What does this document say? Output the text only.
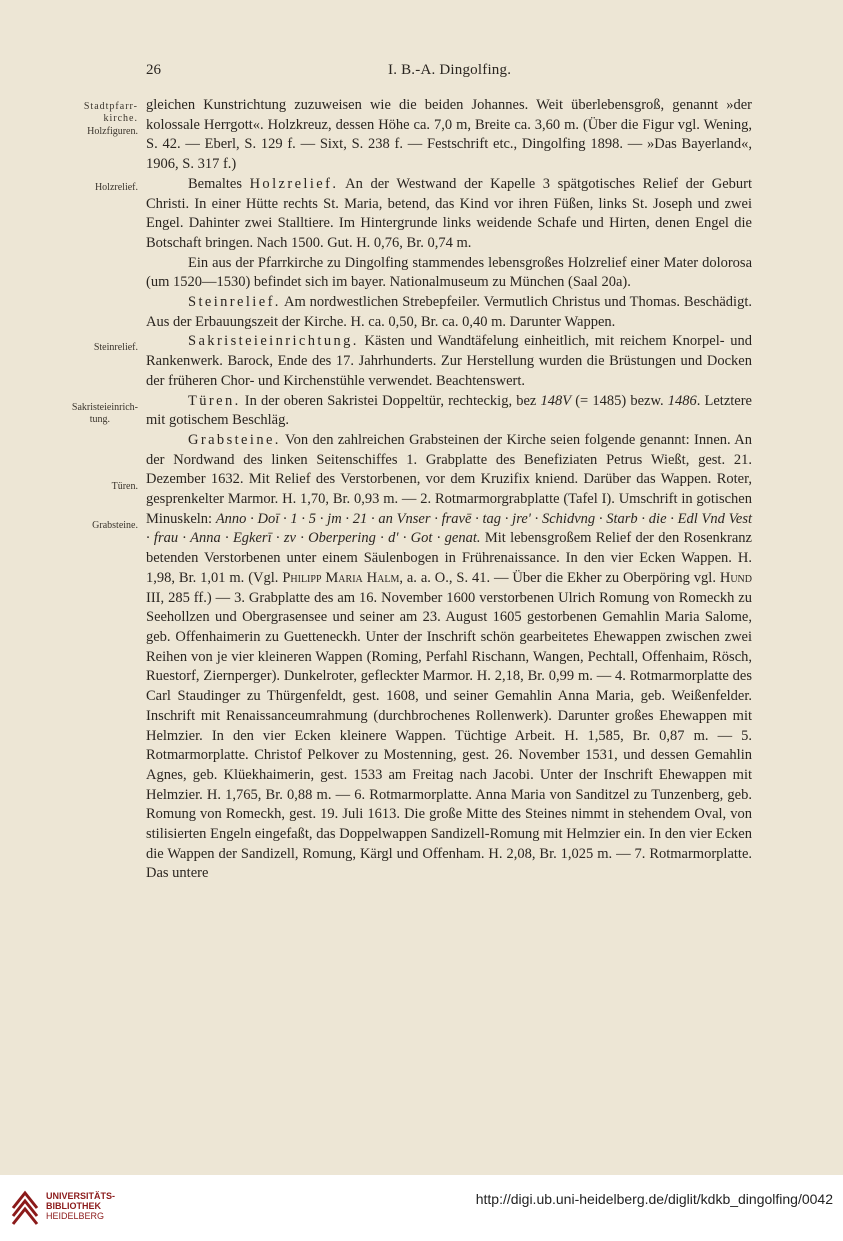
26	I. B.-A. Dingolfing.
Stadtpfarr-
kirche.
Holzfiguren.
Holzrelief.
Steinrelief.
Sakristeieinrich-
tung.
Türen.
Grabsteine.

gleichen Kunstrichtung zuzuweisen wie die beiden Johannes. Weit überlebensgroß, genannt »der kolossale Herrgott«. Holzkreuz, dessen Höhe ca. 7,0 m, Breite ca. 3,60 m. (Über die Figur vgl. Wening, S. 42. — Eberl, S. 129 f. — Sixt, S. 238 f. — Festschrift etc., Dingolfing 1898. — »Das Bayerland«, 1906, S. 317 f.)

Bemaltes Holzrelief. An der Westwand der Kapelle 3 spätgotisches Relief der Geburt Christi. In einer Hütte rechts St. Maria, betend, das Kind vor ihren Füßen, links St. Joseph und zwei Engel. Dahinter zwei Stalltiere. Im Hintergrunde links weidende Schafe und Hirten, denen Engel die Botschaft bringen. Nach 1500. Gut. H. 0,76, Br. 0,74 m.

Ein aus der Pfarrkirche zu Dingolfing stammendes lebensgroßes Holzrelief einer Mater dolorosa (um 1520—1530) befindet sich im bayer. Nationalmuseum zu München (Saal 20a).

Steinrelief. Am nordwestlichen Strebepfeiler. Vermutlich Christus und Thomas. Beschädigt. Aus der Erbauungszeit der Kirche. H. ca. 0,50, Br. ca. 0,40 m. Darunter Wappen.

Sakristeieinrichtung. Kästen und Wandtäfelung einheitlich, mit reichem Knorpel- und Rankenwerk. Barock, Ende des 17. Jahrhunderts. Zur Herstellung wurden die Brüstungen und Docken der früheren Chor- und Kirchenstühle verwendet. Beachtenswert.

Türen. In der oberen Sakristei Doppeltür, rechteckig, bez 148V (= 1485) bezw. 1486. Letztere mit gotischem Beschläg.

Grabsteine. Von den zahlreichen Grabsteinen der Kirche seien folgende genannt: Innen. An der Nordwand des linken Seitenschiffes 1. Grabplatte des Benefiziaten Petrus Wießt, gest. 21. Dezember 1632. Mit Relief des Verstorbenen, vor dem Kruzifix kniend. Darüber das Wappen. Roter, gesprenkelter Marmor. H. 1,70, Br. 0,93 m. — 2. Rotmarmorgrabplatte (Tafel I). Umschrift in gotischen Minuskeln: Anno · Doī · 1 · 5 · jm · 21 · an Vnser · fravē · tag · jre' · Schidvng · Starb · die · Edl Vnd Vest · frau · Anna · Egkerī · zv · Oberpering · d' · Got · genat. Mit lebensgroßem Relief der den Rosenkranz betenden Verstorbenen unter einem Säulenbogen in Frührenaissance. In den vier Ecken Wappen. H. 1,98, Br. 1,01 m. (Vgl. Philipp Maria Halm, a. a. O., S. 41. — Über die Ekher zu Oberpöring vgl. Hund III, 285 ff.) — 3. Grabplatte des am 16. November 1600 verstorbenen Ulrich Romung von Romeckh zu Seehollzen und Obergrasensee und seiner am 23. August 1605 gestorbenen Gemahlin Maria Salome, geb. Offenhaimerin zu Guetteneckh. Unter der Inschrift schön gearbeitetes Ehewappen zwischen zwei Reihen von je vier kleineren Wappen (Roming, Perfahl Rischann, Wangen, Pechtall, Offenhaim, Rösch, Ruestorf, Ziernperger). Dunkelroter, gefleckter Marmor. H. 2,18, Br. 0,99 m. — 4. Rotmarmorplatte des Carl Staudinger zu Thürgenfeldt, gest. 1608, und seiner Gemahlin Anna Maria, geb. Weißenfelder. Inschrift mit Renaissanceumrahmung (durchbrochenes Rollenwerk). Darunter großes Ehewappen mit Helmzier. In den vier Ecken kleinere Wappen. Tüchtige Arbeit. H. 1,585, Br. 0,87 m. — 5. Rotmarmorplatte. Christof Pelkover zu Mostenning, gest. 26. November 1531, und dessen Gemahlin Agnes, geb. Klüekhaimerin, gest. 1533 am Freitag nach Jacobi. Unter der Inschrift Ehewappen mit Helmzier. H. 1,765, Br. 0,88 m. — 6. Rotmarmorplatte. Anna Maria von Sanditzel zu Tunzenberg, geb. Romung von Romeckh, gest. 19. Juli 1613. Die große Mitte des Steines nimmt in stehendem Oval, von stilisierten Engeln eingefaßt, das Doppelwappen Sandizell-Romung mit Helmzier ein. In den vier Ecken die Wappen der Sandizell, Romung, Kärgl und Offenham. H. 2,08, Br. 1,025 m. — 7. Rotmarmorplatte. Das untere

UNIVERSITÄTS-
BIBLIOTHEK
HEIDELBERG
http://digi.ub.uni-heidelberg.de/diglit/kdkb_dingolfing/0042
